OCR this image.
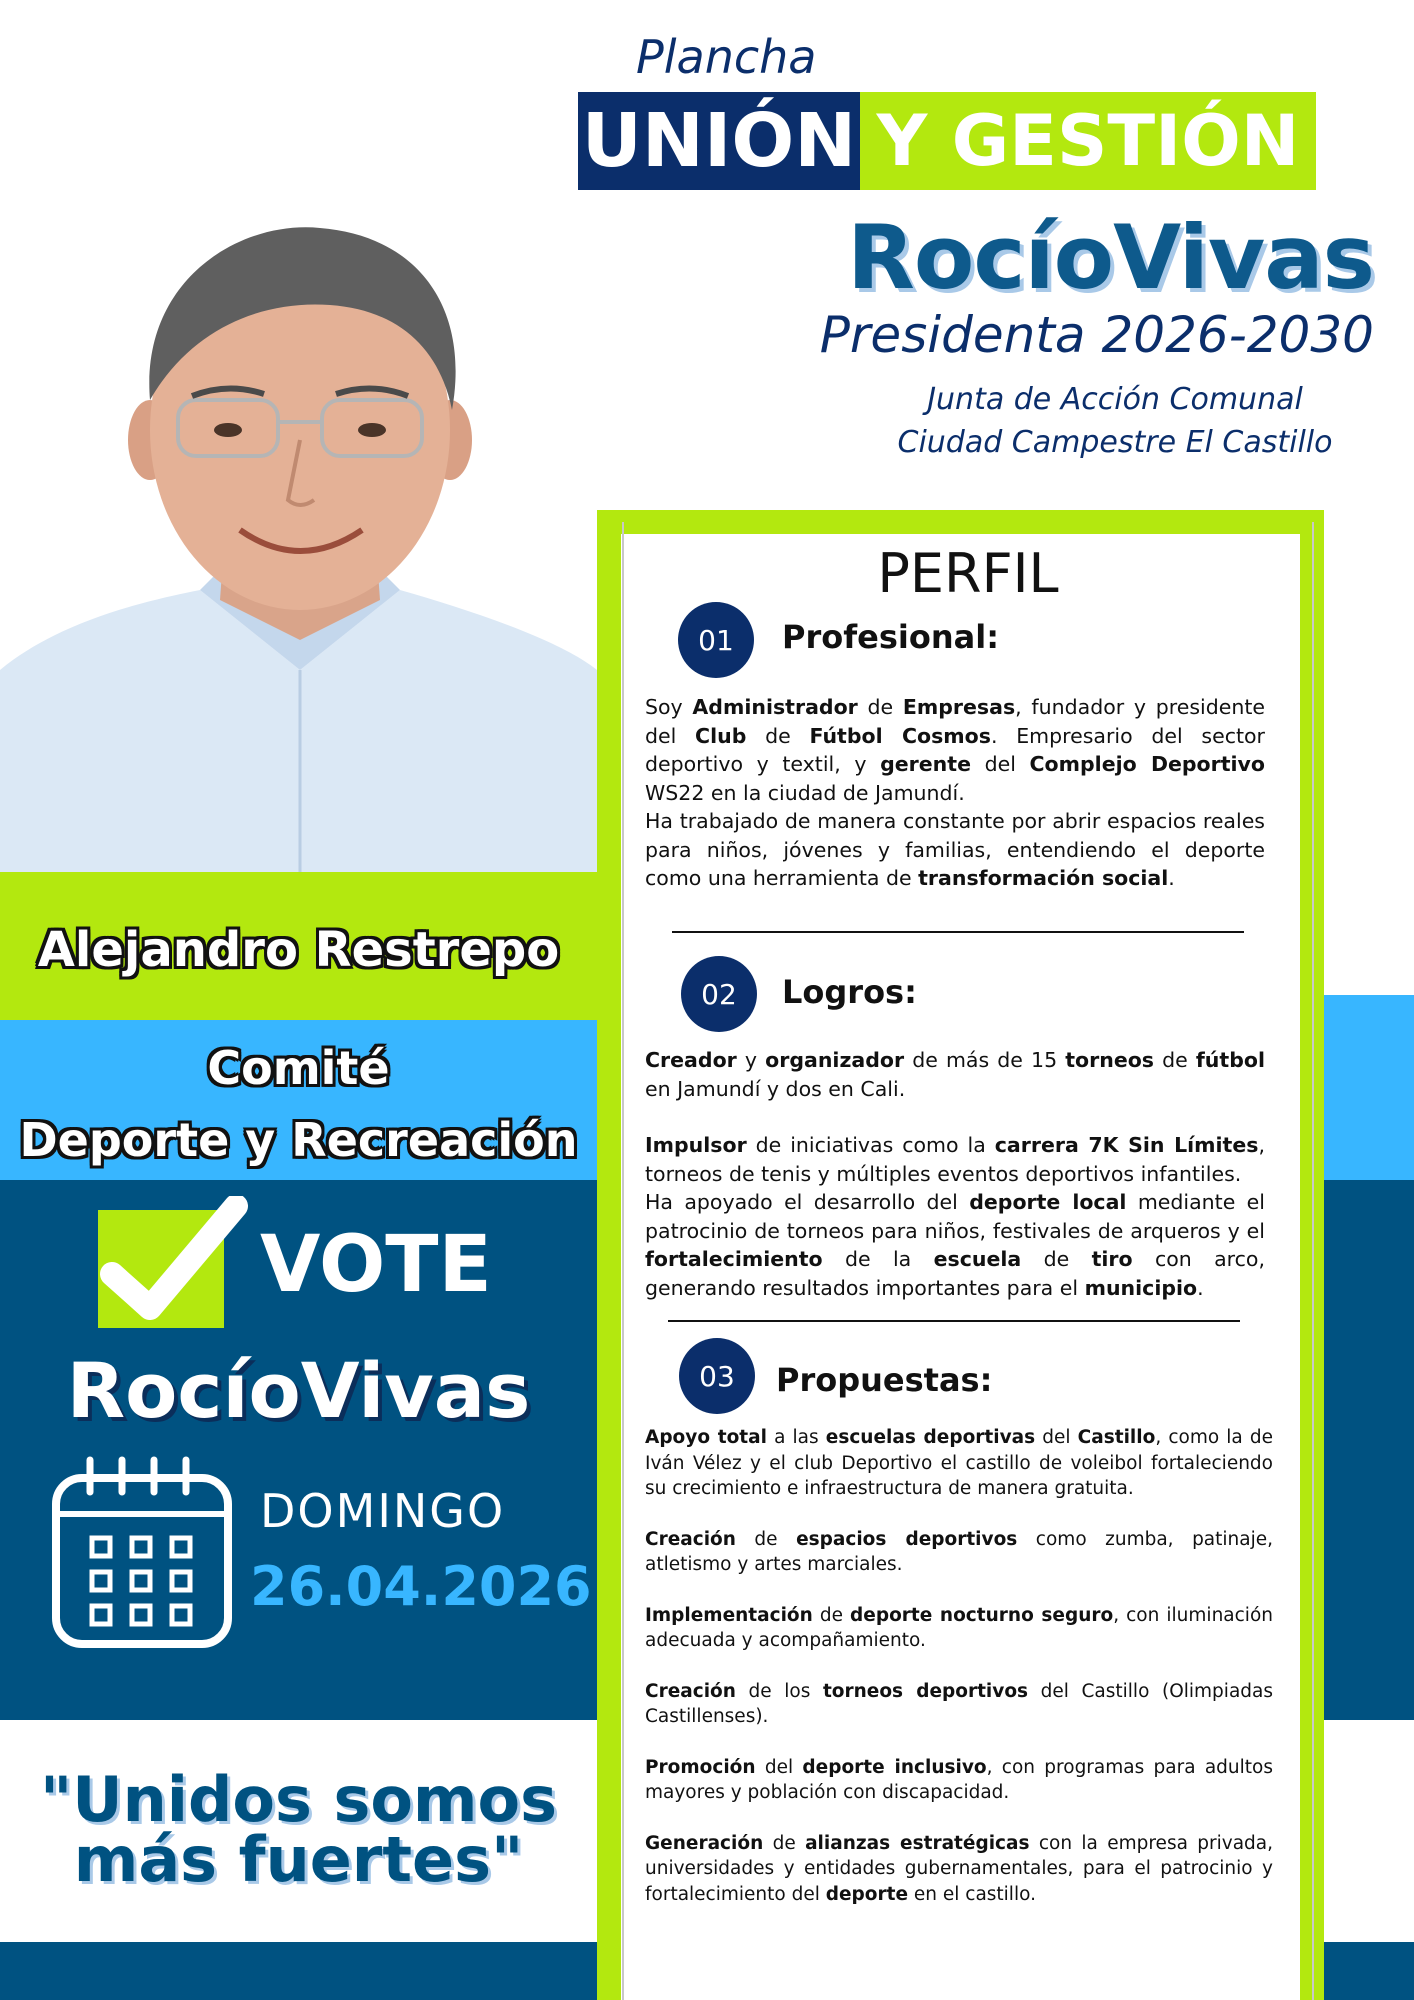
Plancha
UNIÓN Y GESTIÓN
RocíoVivas
Presidenta 2026-2030
Junta de Acción Comunal
Ciudad Campestre El Castillo
Alejandro Restrepo
Comité
Deporte y Recreación
VOTE
RocíoVivas
DOMINGO
26.04.2026
"Unidos somos
más fuertes"
PERFIL
01	Profesional:
Soy Administrador de Empresas, fundador y presidente del Club de Fútbol Cosmos. Empresario del sector deportivo y textil, y gerente del Complejo Deportivo WS22 en la ciudad de Jamundí.
Ha trabajado de manera constante por abrir espacios reales para niños, jóvenes y familias, entendiendo el deporte como una herramienta de transformación social.
02	Logros:
Creador y organizador de más de 15 torneos de fútbol en Jamundí y dos en Cali.
Impulsor de iniciativas como la carrera 7K Sin Límites, torneos de tenis y múltiples eventos deportivos infantiles.
Ha apoyado el desarrollo del deporte local mediante el patrocinio de torneos para niños, festivales de arqueros y el fortalecimiento de la escuela de tiro con arco, generando resultados importantes para el municipio.
03	Propuestas:
Apoyo total a las escuelas deportivas del Castillo, como la de Iván Vélez y el club Deportivo el castillo de voleibol fortaleciendo su crecimiento e infraestructura de manera gratuita.
Creación de espacios deportivos como zumba, patinaje, atletismo y artes marciales.
Implementación de deporte nocturno seguro, con iluminación adecuada y acompañamiento.
Creación de los torneos deportivos del Castillo (Olimpiadas Castillenses).
Promoción del deporte inclusivo, con programas para adultos mayores y población con discapacidad.
Generación de alianzas estratégicas con la empresa privada, universidades y entidades gubernamentales, para el patrocinio y fortalecimiento del deporte en el castillo.
